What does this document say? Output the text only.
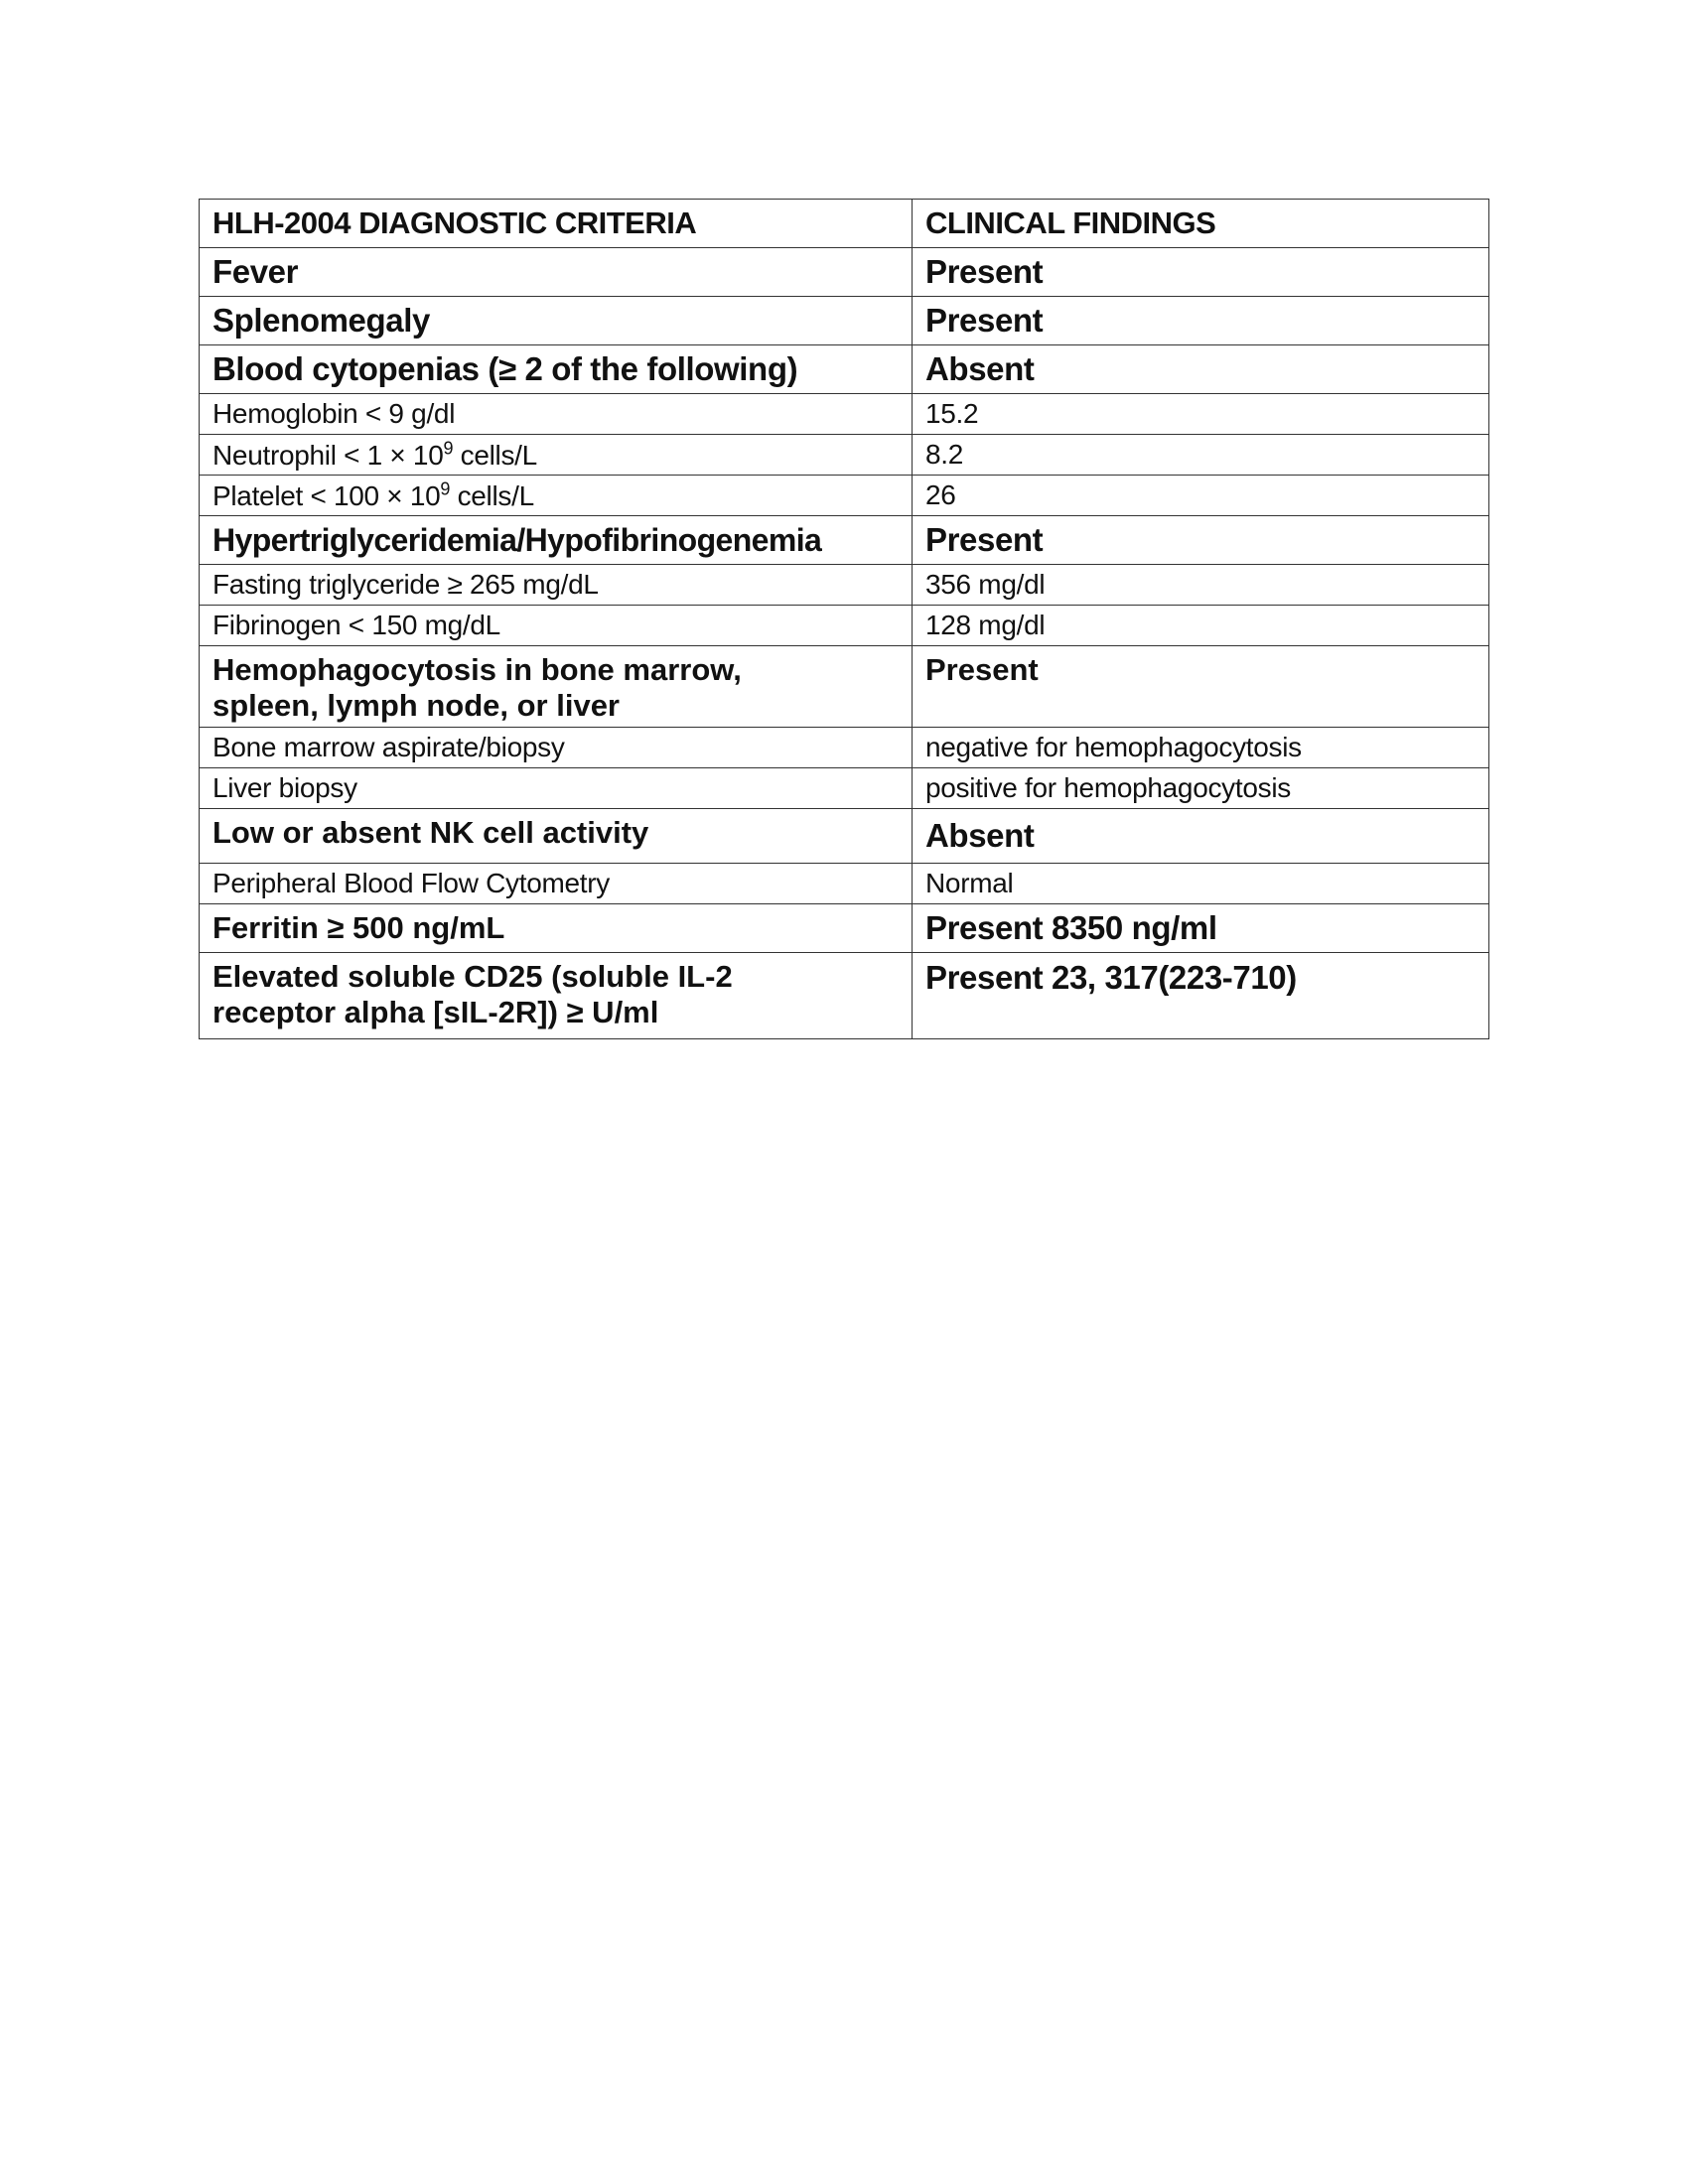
HLH-2004 DIAGNOSTIC CRITERIA	CLINICAL FINDINGS
Fever	Present
Splenomegaly	Present
Blood cytopenias (≥ 2 of the following)	Absent
Hemoglobin < 9 g/dl	15.2
Neutrophil < $1 \times 10^9$ cells/L	8.2
Platelet < $100 \times 10^9$ cells/L	26
Hypertriglyceridemia/Hypofibrinogenemia	Present
Fasting triglyceride ≥ 265 mg/dL	356 mg/dl
Fibrinogen < 150 mg/dL	128 mg/dl

Hemophagocytosis in bone marrow,
spleen, lymph node, or liver	Present
Bone marrow aspirate/biopsy	negative for hemophagocytosis
Liver biopsy	positive for hemophagocytosis
Low or absent NK cell activity	Absent
Peripheral Blood Flow Cytometry	Normal
Ferritin ≥ 500 ng/mL	Present 8350 ng/ml

Elevated soluble CD25 (soluble IL-2
receptor alpha [sIL-2R]) ≥ U/ml	Present 23, 317(223-710)
